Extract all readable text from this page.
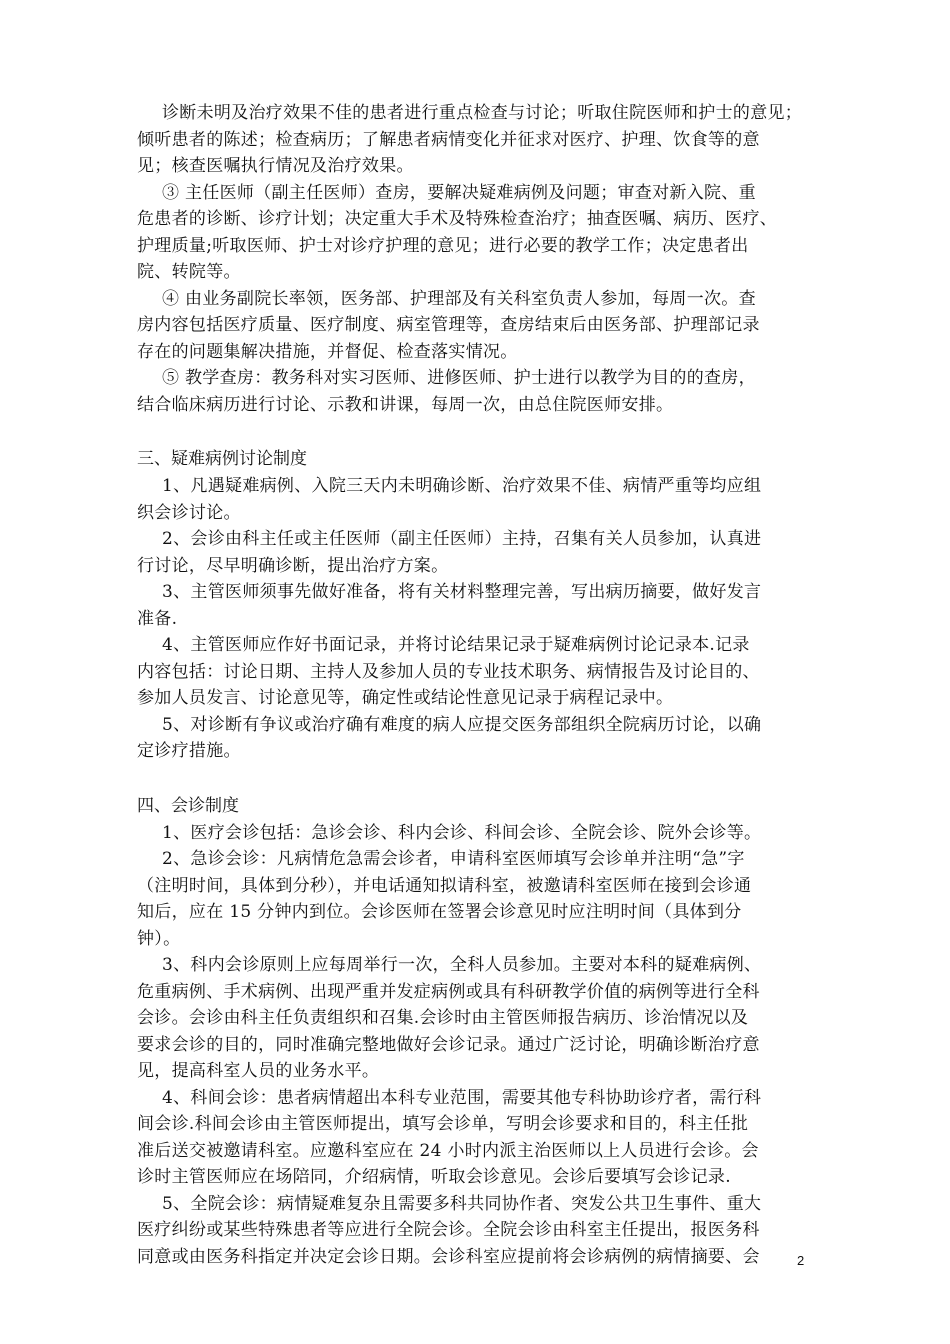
诊断未明及治疗效果不佳的患者进行重点检查与讨论；听取住院医师和护士的意见；
倾听患者的陈述；检查病历；了解患者病情变化并征求对医疗、护理、饮食等的意
见；核查医嘱执行情况及治疗效果。
③ 主任医师（副主任医师）查房，要解决疑难病例及问题；审查对新入院、重
危患者的诊断、诊疗计划；决定重大手术及特殊检查治疗；抽查医嘱、病历、医疗、
护理质量;听取医师、护士对诊疗护理的意见；进行必要的教学工作；决定患者出
院、转院等。
④ 由业务副院长率领，医务部、护理部及有关科室负责人参加，每周一次。查
房内容包括医疗质量、医疗制度、病室管理等，查房结束后由医务部、护理部记录
存在的问题集解决措施，并督促、检查落实情况。
⑤ 教学查房：教务科对实习医师、进修医师、护士进行以教学为目的的查房，
结合临床病历进行讨论、示教和讲课，每周一次，由总住院医师安排。
三、疑难病例讨论制度
1、凡遇疑难病例、入院三天内未明确诊断、治疗效果不佳、病情严重等均应组
织会诊讨论。
2、会诊由科主任或主任医师（副主任医师）主持，召集有关人员参加，认真进
行讨论，尽早明确诊断，提出治疗方案。
3、主管医师须事先做好准备，将有关材料整理完善，写出病历摘要，做好发言
准备.
4、主管医师应作好书面记录，并将讨论结果记录于疑难病例讨论记录本.记录
内容包括：讨论日期、主持人及参加人员的专业技术职务、病情报告及讨论目的、
参加人员发言、讨论意见等，确定性或结论性意见记录于病程记录中。
5、对诊断有争议或治疗确有难度的病人应提交医务部组织全院病历讨论，以确
定诊疗措施。
四、会诊制度
1、医疗会诊包括：急诊会诊、科内会诊、科间会诊、全院会诊、院外会诊等。
2、急诊会诊：凡病情危急需会诊者，申请科室医师填写会诊单并注明“急”字
（注明时间，具体到分秒），并电话通知拟请科室，被邀请科室医师在接到会诊通
知后，应在 15 分钟内到位。会诊医师在签署会诊意见时应注明时间（具体到分
钟）。
3、科内会诊原则上应每周举行一次，全科人员参加。主要对本科的疑难病例、
危重病例、手术病例、出现严重并发症病例或具有科研教学价值的病例等进行全科
会诊。会诊由科主任负责组织和召集.会诊时由主管医师报告病历、诊治情况以及
要求会诊的目的，同时准确完整地做好会诊记录。通过广泛讨论，明确诊断治疗意
见，提高科室人员的业务水平。
4、科间会诊：患者病情超出本科专业范围，需要其他专科协助诊疗者，需行科
间会诊.科间会诊由主管医师提出，填写会诊单，写明会诊要求和目的，科主任批
准后送交被邀请科室。应邀科室应在 24 小时内派主治医师以上人员进行会诊。会
诊时主管医师应在场陪同，介绍病情，听取会诊意见。会诊后要填写会诊记录.
5、全院会诊：病情疑难复杂且需要多科共同协作者、突发公共卫生事件、重大
医疗纠纷或某些特殊患者等应进行全院会诊。全院会诊由科室主任提出，报医务科
同意或由医务科指定并决定会诊日期。会诊科室应提前将会诊病例的病情摘要、会	2
